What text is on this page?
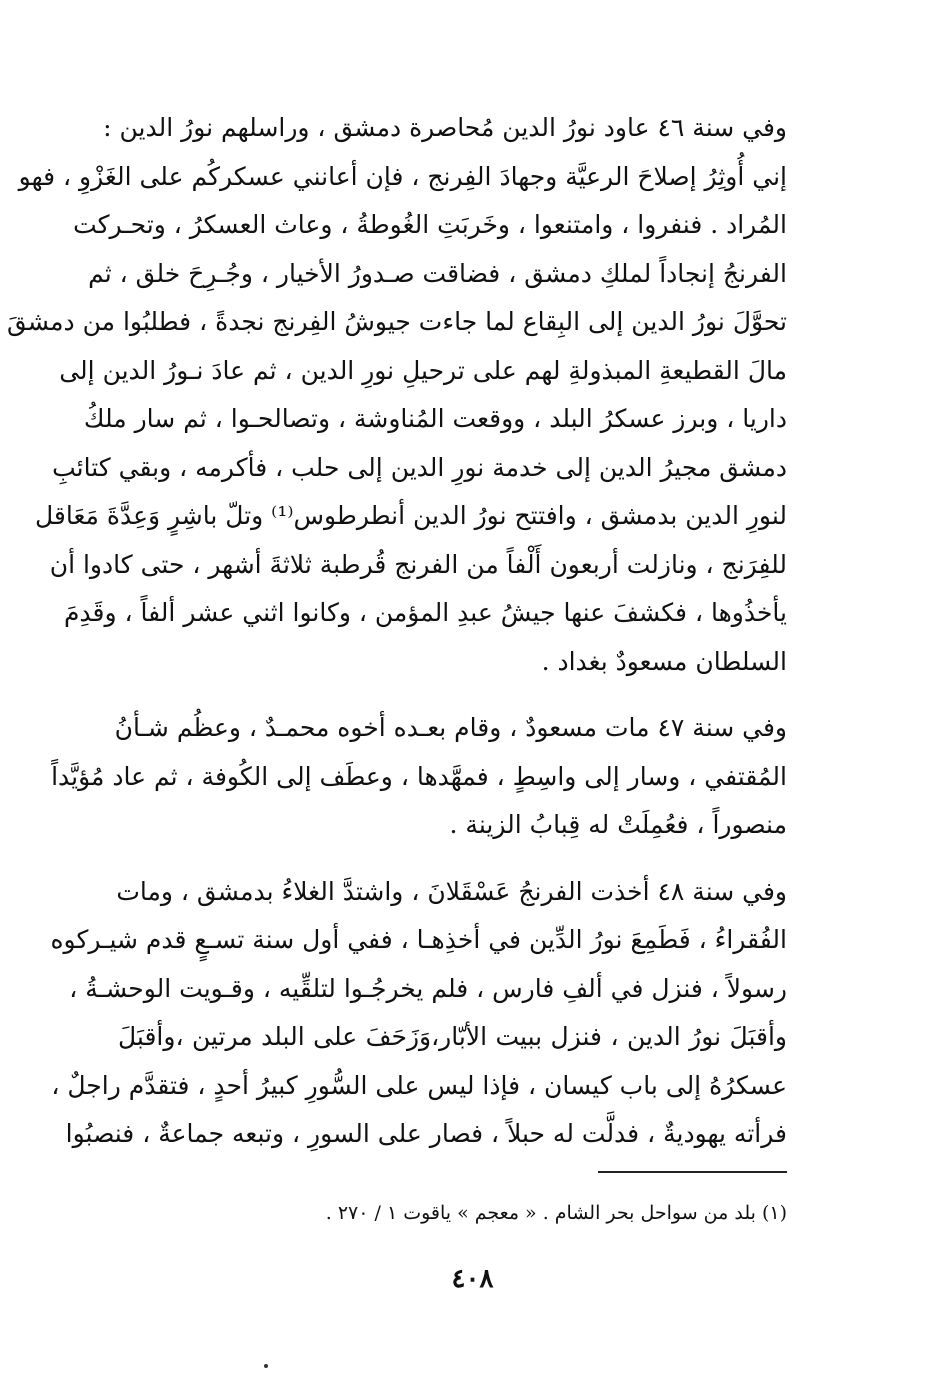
وفي سنة ٤٦ عاود نورُ الدين مُحاصرة دمشق ، وراسلهم نورُ الدين :
إني أُوثِرُ إصلاحَ الرعيَّة وجهادَ الفِرنج ، فإن أعانني عسكركُم على الغَزْوِ ، فهو
المُراد . فنفروا ، وامتنعوا ، وخَربَتِ الغُوطةُ ، وعاث العسكرُ ، وتحـركت
الفرنجُ إنجاداً لملكِ دمشق ، فضاقت صـدورُ الأخيار ، وجُـرِحَ خلق ، ثم
تحوَّلَ نورُ الدين إلى البِقاع لما جاءت جيوشُ الفِرنج نجدةً ، فطلبُوا من دمشقَ
مالَ القطيعةِ المبذولةِ لهم على ترحيلِ نورِ الدين ، ثم عادَ نـورُ الدين إلى
داريا ، وبرز عسكرُ البلد ، ووقعت المُناوشة ، وتصالحـوا ، ثم سار ملكُ
دمشق مجيرُ الدين إلى خدمة نورِ الدين إلى حلب ، فأكرمه ، وبقي كتائبِ
لنورِ الدين بدمشق ، وافتتح نورُ الدين أنطرطوس⁽¹⁾ وتلّ باشِرٍ وَعِدَّةَ مَعَاقل
للفِرَنج ، ونازلت أربعون أَلْفاً من الفرنج قُرطبة ثلاثةَ أشهر ، حتى كادوا أن
يأخذُوها ، فكشفَ عنها جيشُ عبدِ المؤمن ، وكانوا اثني عشر ألفاً ، وقَدِمَ
السلطان مسعودٌ بغداد .

وفي سنة ٤٧ مات مسعودٌ ، وقام بعـده أخوه محمـدٌ ، وعظُم شـأنُ
المُقتفي ، وسار إلى واسِطٍ ، فمهَّدها ، وعطَف إلى الكُوفة ، ثم عاد مُؤيَّداً
منصوراً ، فعُمِلَتْ له قِبابُ الزينة .

وفي سنة ٤٨ أخذت الفرنجُ عَسْقَلانَ ، واشتدَّ الغلاءُ بدمشق ، ومات
الفُقراءُ ، فَطَمِعَ نورُ الدِّين في أخذِهـا ، ففي أول سنة تسـعٍ قدم شيـركوه
رسولاً ، فنزل في ألفِ فارس ، فلم يخرجُـوا لتلقِّيه ، وقـويت الوحشـةُ ،
وأقبَلَ نورُ الدين ، فنزل ببيت الأبّار،وَزَحَفَ على البلد مرتين ،وأقبَلَ
عسكرُهُ إلى باب كيسان ، فإذا ليس على السُّورِ كبيرُ أحدٍ ، فتقدَّم راجلٌ ،
فرأته يهوديةٌ ، فدلَّت له حبلاً ، فصار على السورِ ، وتبعه جماعةٌ ، فنصبُوا

(١) بلد من سواحل بحر الشام . « معجم » ياقوت ١ / ٢٧٠ .
٤٠٨
